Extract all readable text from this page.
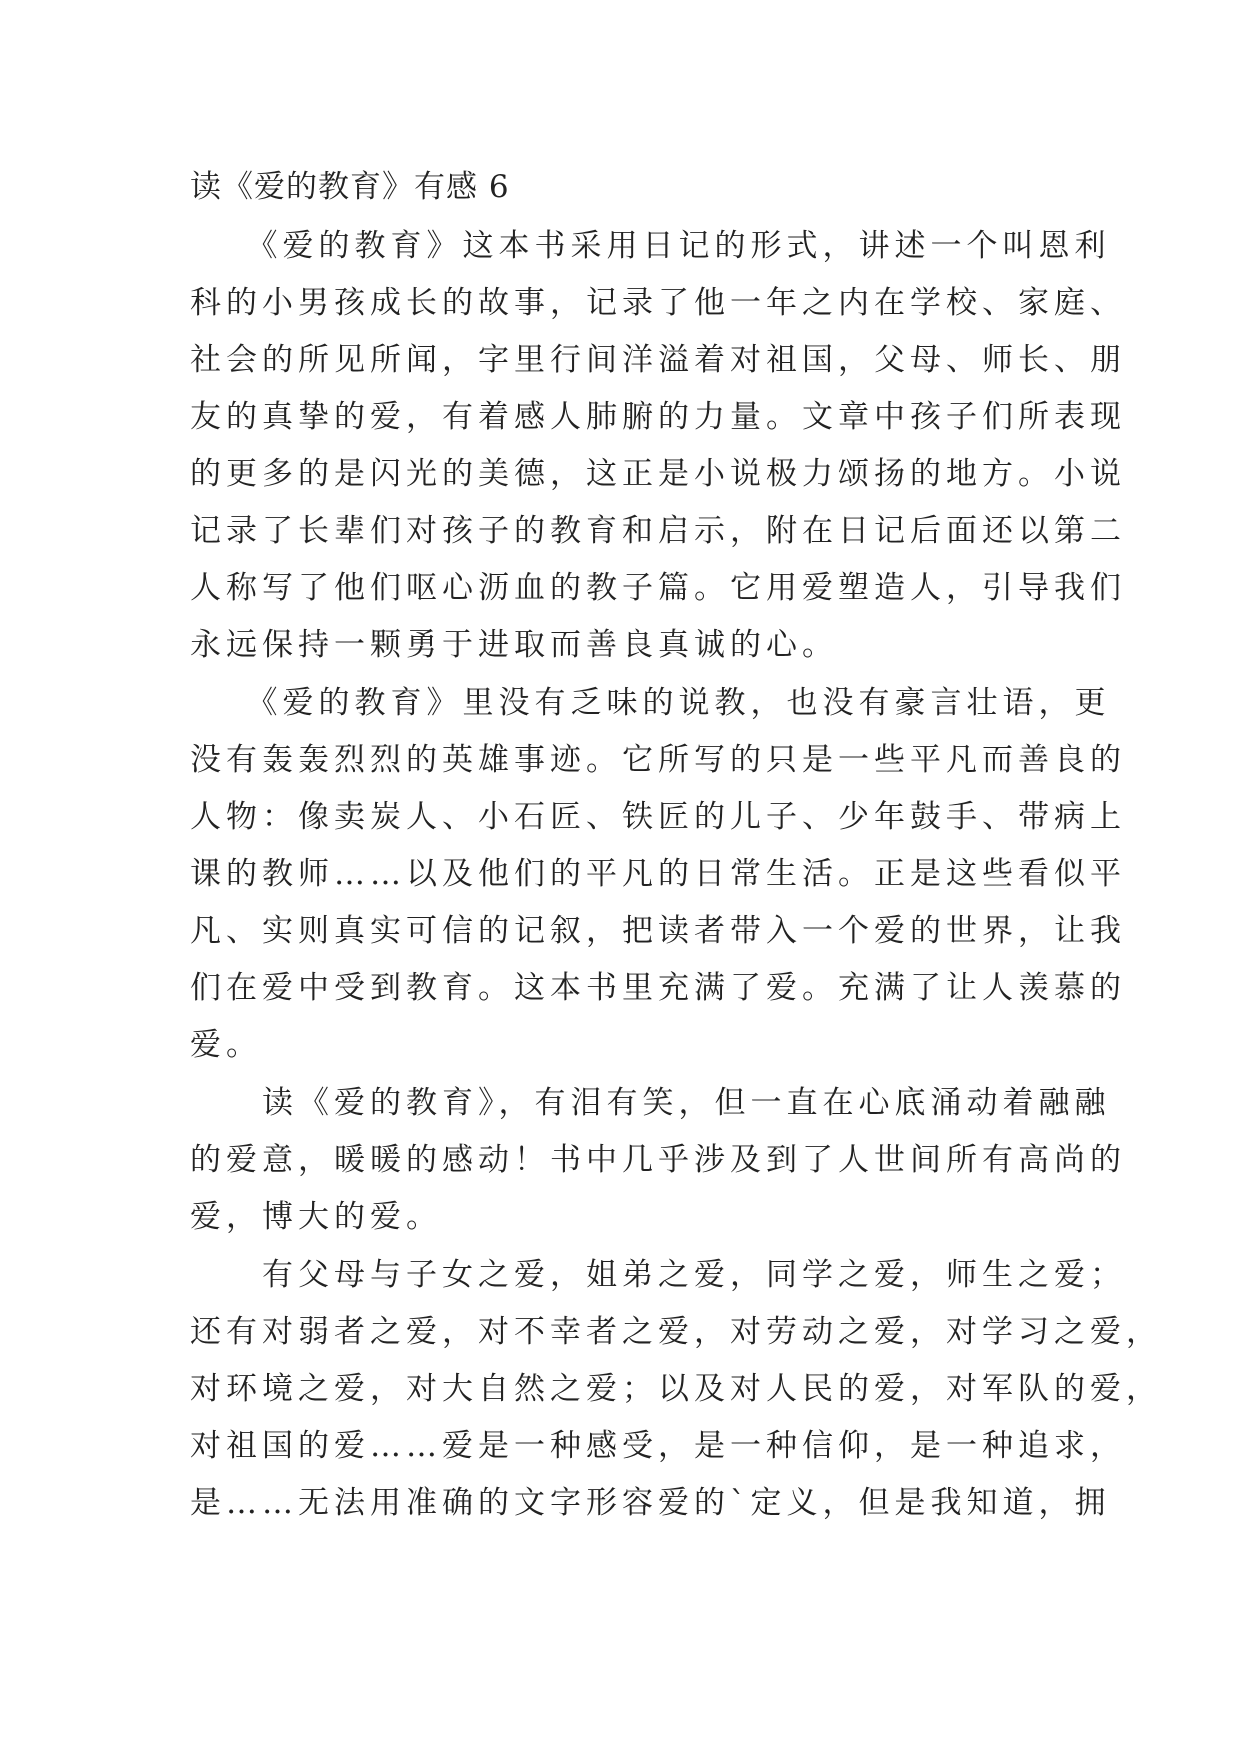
读《爱的教育》有感 6
　　《爱的教育》这本书采用日记的形式，讲述一个叫恩利
科的小男孩成长的故事，记录了他一年之内在学校、家庭、
社会的所见所闻，字里行间洋溢着对祖国，父母、师长、朋
友的真挚的爱，有着感人肺腑的力量。文章中孩子们所表现
的更多的是闪光的美德，这正是小说极力颂扬的地方。小说
记录了长辈们对孩子的教育和启示，附在日记后面还以第二
人称写了他们呕心沥血的教子篇。它用爱塑造人，引导我们
永远保持一颗勇于进取而善良真诚的心。
　　《爱的教育》里没有乏味的说教，也没有豪言壮语，更
没有轰轰烈烈的英雄事迹。它所写的只是一些平凡而善良的
人物：像卖炭人、小石匠、铁匠的儿子、少年鼓手、带病上
课的教师……以及他们的平凡的日常生活。正是这些看似平
凡、实则真实可信的记叙，把读者带入一个爱的世界，让我
们在爱中受到教育。这本书里充满了爱。充满了让人羡慕的
爱。
　　读《爱的教育》，有泪有笑，但一直在心底涌动着融融
的爱意，暖暖的感动！书中几乎涉及到了人世间所有高尚的
爱，博大的爱。
　　有父母与子女之爱，姐弟之爱，同学之爱，师生之爱；
还有对弱者之爱，对不幸者之爱，对劳动之爱，对学习之爱，
对环境之爱，对大自然之爱；以及对人民的爱，对军队的爱，
对祖国的爱……爱是一种感受，是一种信仰，是一种追求，
是……无法用准确的文字形容爱的`定义，但是我知道，拥
